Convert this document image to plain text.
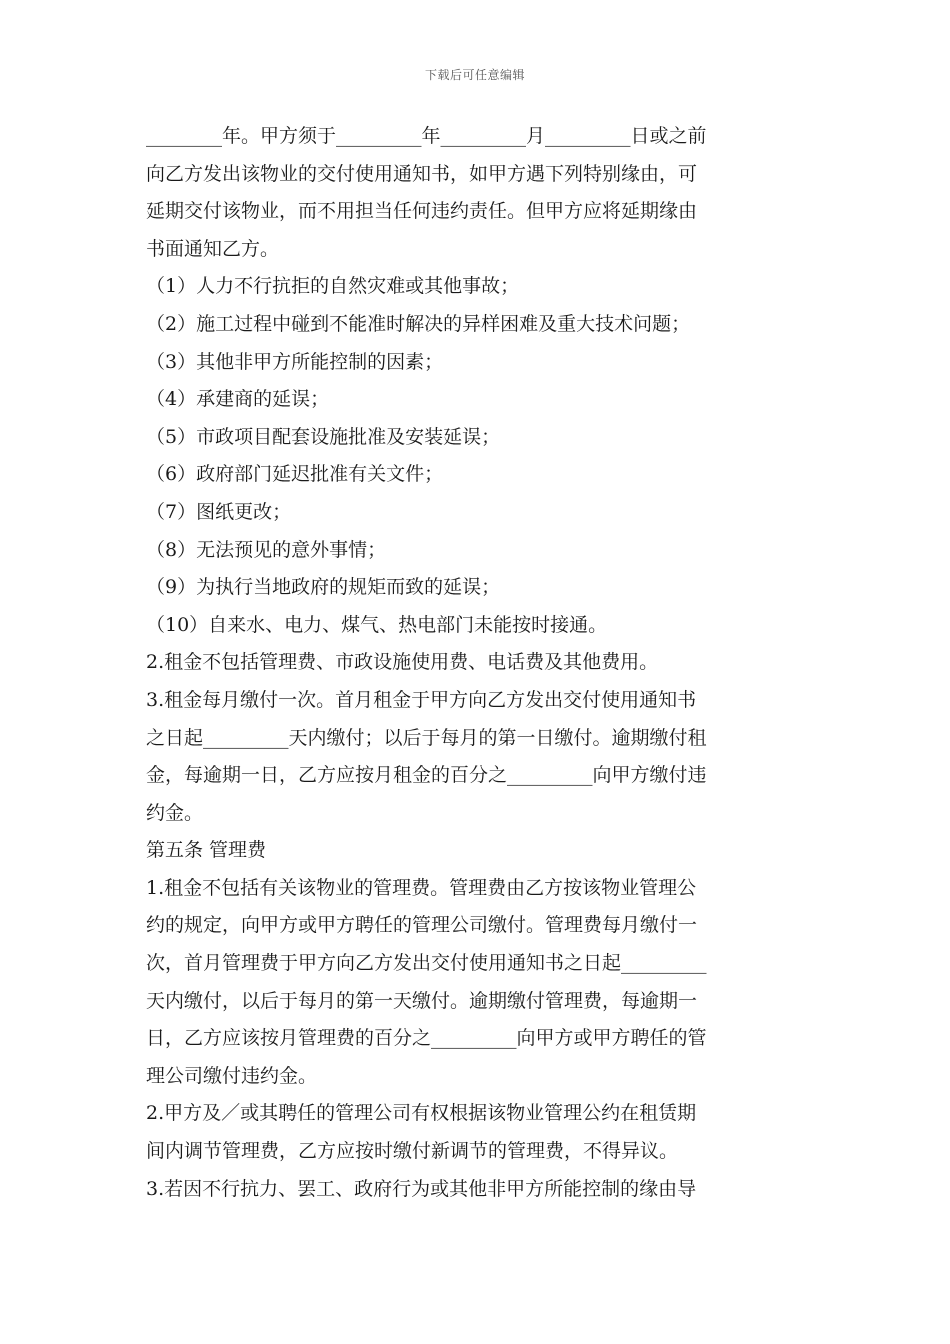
下载后可任意编辑
________年。甲方须于_________年_________月_________日或之前
向乙方发出该物业的交付使用通知书，如甲方遇下列特别缘由，可
延期交付该物业，而不用担当任何违约责任。但甲方应将延期缘由
书面通知乙方。
（1）人力不行抗拒的自然灾难或其他事故；
（2）施工过程中碰到不能准时解决的异样困难及重大技术问题；
（3）其他非甲方所能控制的因素；
（4）承建商的延误；
（5）市政项目配套设施批准及安装延误；
（6）政府部门延迟批准有关文件；
（7）图纸更改；
（8）无法预见的意外事情；
（9）为执行当地政府的规矩而致的延误；
（10）自来水、电力、煤气、热电部门未能按时接通。
2.租金不包括管理费、市政设施使用费、电话费及其他费用。
3.租金每月缴付一次。首月租金于甲方向乙方发出交付使用通知书
之日起_________天内缴付；以后于每月的第一日缴付。逾期缴付租
金，每逾期一日，乙方应按月租金的百分之_________向甲方缴付违
约金。
第五条 管理费
1.租金不包括有关该物业的管理费。管理费由乙方按该物业管理公
约的规定，向甲方或甲方聘任的管理公司缴付。管理费每月缴付一
次，首月管理费于甲方向乙方发出交付使用通知书之日起_________
天内缴付，以后于每月的第一天缴付。逾期缴付管理费，每逾期一
日，乙方应该按月管理费的百分之_________向甲方或甲方聘任的管
理公司缴付违约金。
2.甲方及／或其聘任的管理公司有权根据该物业管理公约在租赁期
间内调节管理费，乙方应按时缴付新调节的管理费，不得异议。
3.若因不行抗力、罢工、政府行为或其他非甲方所能控制的缘由导
